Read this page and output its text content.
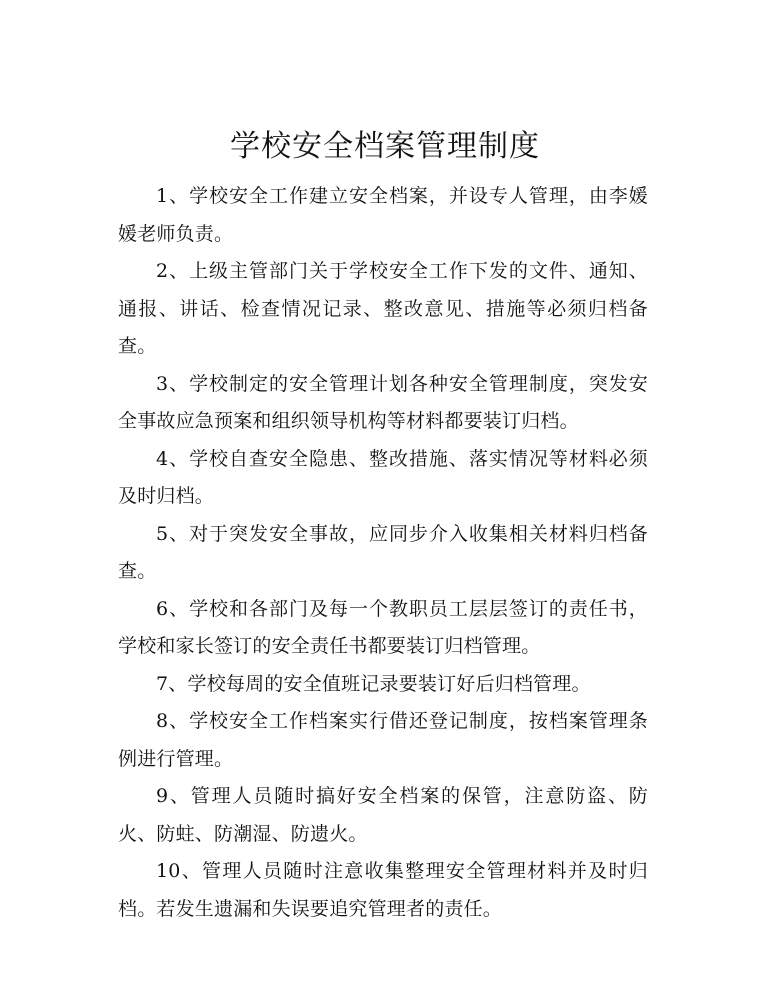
学校安全档案管理制度

1、学校安全工作建立安全档案，并设专人管理，由李媛媛老师负责。

2、上级主管部门关于学校安全工作下发的文件、通知、通报、讲话、检查情况记录、整改意见、措施等必须归档备查。

3、学校制定的安全管理计划各种安全管理制度，突发安全事故应急预案和组织领导机构等材料都要装订归档。

4、学校自查安全隐患、整改措施、落实情况等材料必须及时归档。

5、对于突发安全事故，应同步介入收集相关材料归档备查。

6、学校和各部门及每一个教职员工层层签订的责任书，学校和家长签订的安全责任书都要装订归档管理。

7、学校每周的安全值班记录要装订好后归档管理。

8、学校安全工作档案实行借还登记制度，按档案管理条例进行管理。

9、管理人员随时搞好安全档案的保管，注意防盗、防火、防蛀、防潮湿、防遗火。

10、管理人员随时注意收集整理安全管理材料并及时归档。若发生遗漏和失误要追究管理者的责任。
